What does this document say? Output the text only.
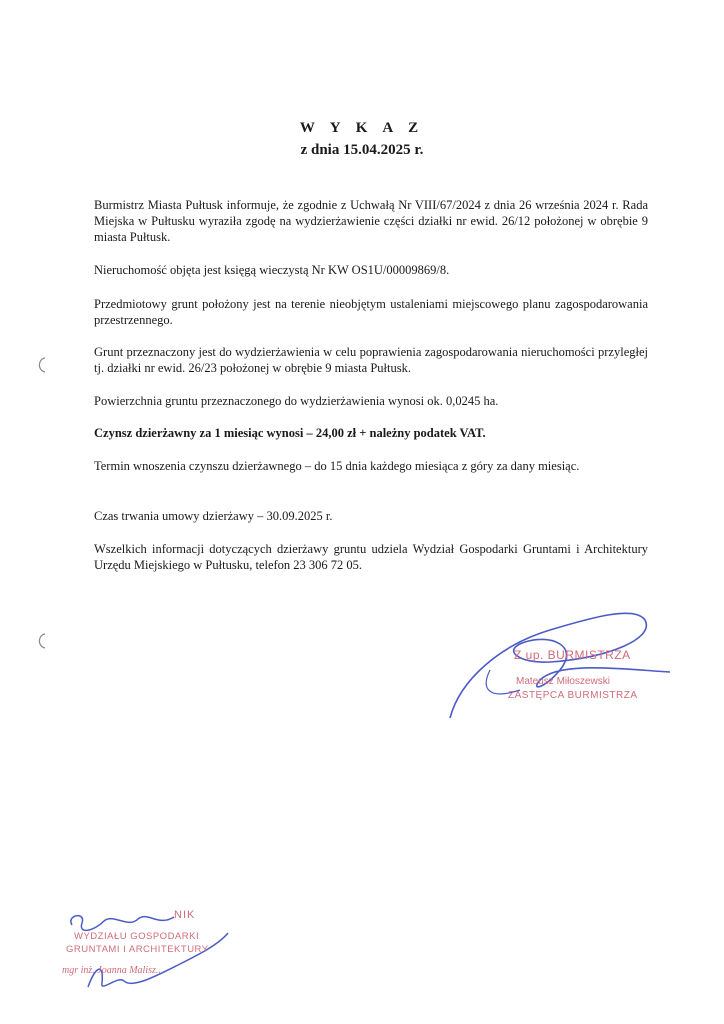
W Y K A Z
z dnia 15.04.2025 r.
Burmistrz Miasta Pułtusk informuje, że zgodnie z Uchwałą Nr VIII/67/2024 z dnia 26 września 2024 r. Rada Miejska w Pułtusku wyraziła zgodę na wydzierżawienie części działki nr ewid. 26/12 położonej w obrębie 9 miasta Pułtusk.
Nieruchomość objęta jest księgą wieczystą Nr KW OS1U/00009869/8.
Przedmiotowy grunt położony jest na terenie nieobjętym ustaleniami miejscowego planu zagospodarowania przestrzennego.
Grunt przeznaczony jest do wydzierżawienia w celu poprawienia zagospodarowania nieruchomości przyległej tj. działki nr ewid. 26/23 położonej w obrębie 9 miasta Pułtusk.
Powierzchnia gruntu przeznaczonego do wydzierżawienia wynosi ok. 0,0245 ha.
Czynsz dzierżawny za 1 miesiąc wynosi – 24,00 zł + należny podatek VAT.
Termin wnoszenia czynszu dzierżawnego – do 15 dnia każdego miesiąca z góry za dany miesiąc.
Czas trwania umowy dzierżawy – 30.09.2025 r.
Wszelkich informacji dotyczących dzierżawy gruntu udziela Wydział Gospodarki Gruntami i Architektury Urzędu Miejskiego w Pułtusku, telefon 23 306 72 05.
Z up. BURMISTRZA
Mateusz Miłoszewski
ZASTĘPCA BURMISTRZA
NIK
WYDZIAŁU GOSPODARKI
GRUNTAMI I ARCHITEKTURY
mgr inż. Joanna Malisz...
